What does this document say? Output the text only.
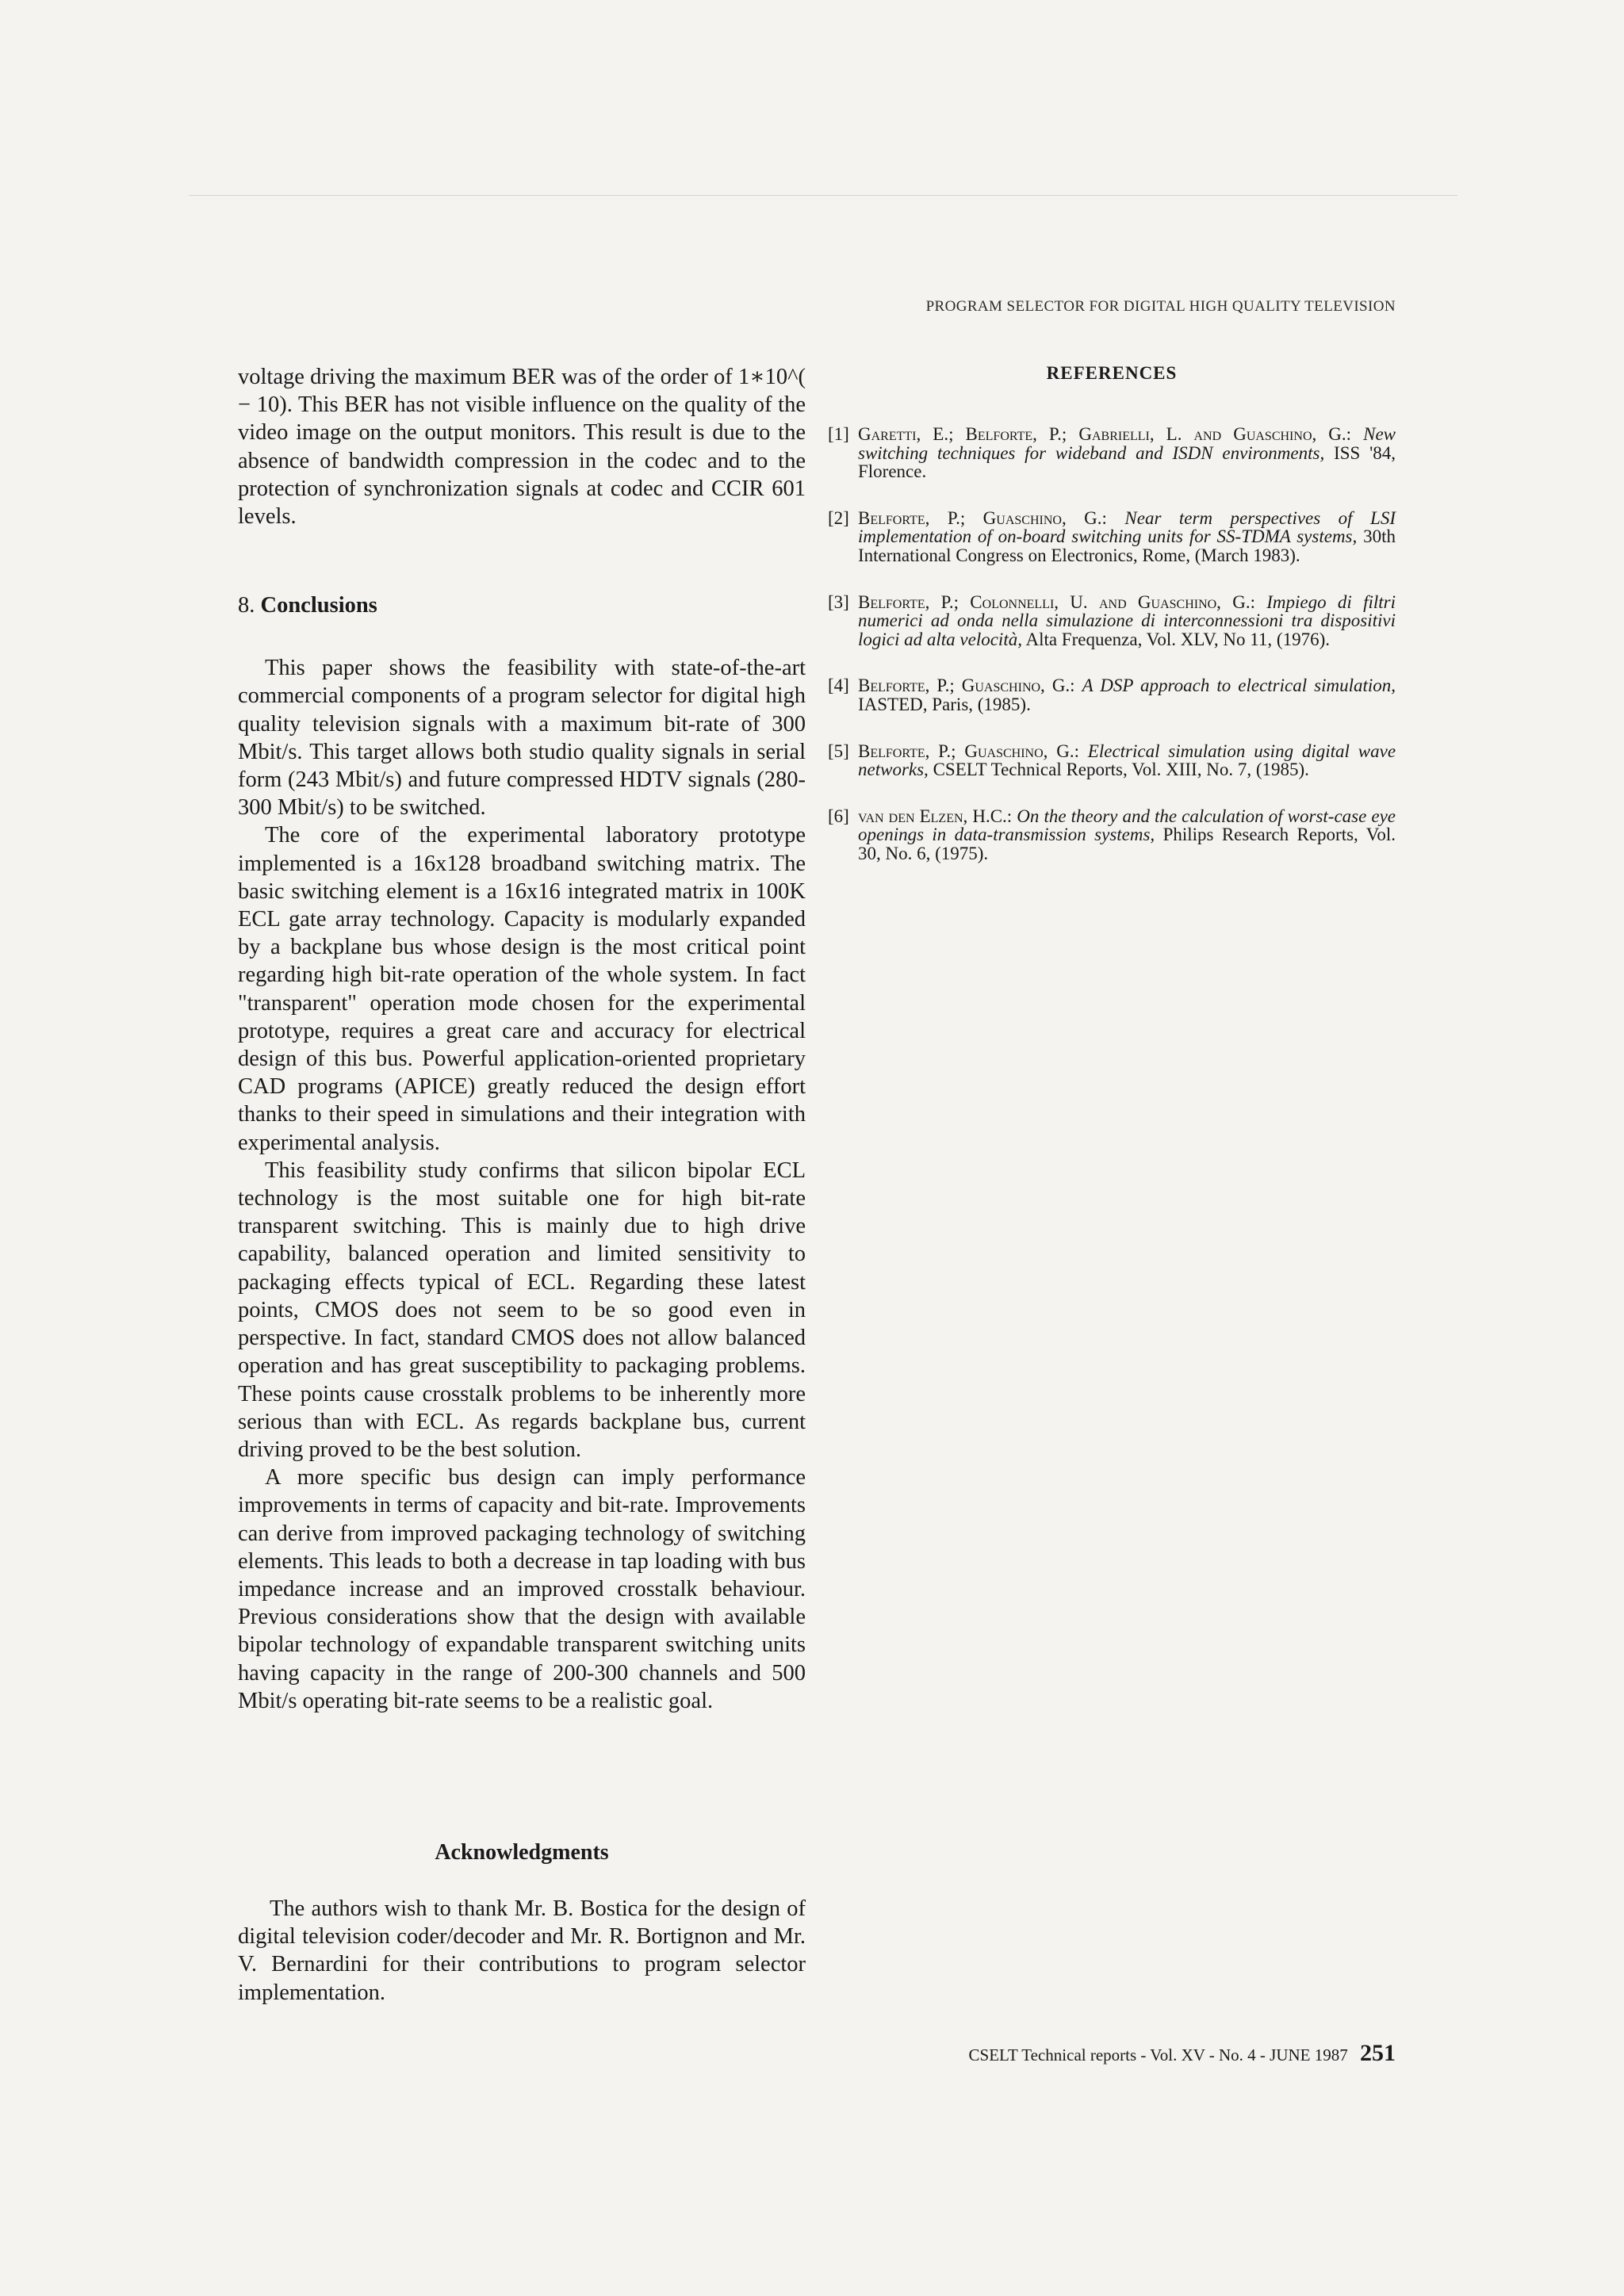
PROGRAM SELECTOR FOR DIGITAL HIGH QUALITY TELEVISION

voltage driving the maximum BER was of the order of 1∗10^( − 10). This BER has not visible influence on the quality of the video image on the output monitors. This result is due to the absence of bandwidth compression in the codec and to the protection of synchronization signals at codec and CCIR 601 levels.

8. Conclusions

This paper shows the feasibility with state-of-the-art commercial components of a program selector for digital high quality television signals with a maximum bit-rate of 300 Mbit/s. This target allows both studio quality signals in serial form (243 Mbit/s) and future compressed HDTV signals (280-300 Mbit/s) to be switched.

The core of the experimental laboratory prototype implemented is a 16x128 broadband switching matrix. The basic switching element is a 16x16 integrated matrix in 100K ECL gate array technology. Capacity is modularly expanded by a backplane bus whose design is the most critical point regarding high bit-rate operation of the whole system. In fact "transparent" operation mode chosen for the experimental prototype, requires a great care and accuracy for electrical design of this bus. Powerful application-oriented proprietary CAD programs (APICE) greatly reduced the design effort thanks to their speed in simulations and their integration with experimental analysis.

This feasibility study confirms that silicon bipolar ECL technology is the most suitable one for high bit-rate transparent switching. This is mainly due to high drive capability, balanced operation and limited sensitivity to packaging effects typical of ECL. Regarding these latest points, CMOS does not seem to be so good even in perspective. In fact, standard CMOS does not allow balanced operation and has great susceptibility to packaging problems. These points cause crosstalk problems to be inherently more serious than with ECL. As regards backplane bus, current driving proved to be the best solution.

A more specific bus design can imply performance improvements in terms of capacity and bit-rate. Improvements can derive from improved packaging technology of switching elements. This leads to both a decrease in tap loading with bus impedance increase and an improved crosstalk behaviour. Previous considerations show that the design with available bipolar technology of expandable transparent switching units having capacity in the range of 200-300 channels and 500 Mbit/s operating bit-rate seems to be a realistic goal.

Acknowledgments

The authors wish to thank Mr. B. Bostica for the design of digital television coder/decoder and Mr. R. Bortignon and Mr. V. Bernardini for their contributions to program selector implementation.

REFERENCES
[1] Garetti, E.; Belforte, P.; Gabrielli, L. and Guaschino, G.: New switching techniques for wideband and ISDN environments, ISS '84, Florence.
[2] Belforte, P.; Guaschino, G.: Near term perspectives of LSI implementation of on-board switching units for SS-TDMA systems, 30th International Congress on Electronics, Rome, (March 1983).
[3] Belforte, P.; Colonnelli, U. and Guaschino, G.: Impiego di filtri numerici ad onda nella simulazione di interconnessioni tra dispositivi logici ad alta velocità, Alta Frequenza, Vol. XLV, No 11, (1976).
[4] Belforte, P.; Guaschino, G.: A DSP approach to electrical simulation, IASTED, Paris, (1985).
[5] Belforte, P.; Guaschino, G.: Electrical simulation using digital wave networks, CSELT Technical Reports, Vol. XIII, No. 7, (1985).
[6] van den Elzen, H.C.: On the theory and the calculation of worst-case eye openings in data-transmission systems, Philips Research Reports, Vol. 30, No. 6, (1975).
CSELT Technical reports - Vol. XV - No. 4 - JUNE 1987 251
